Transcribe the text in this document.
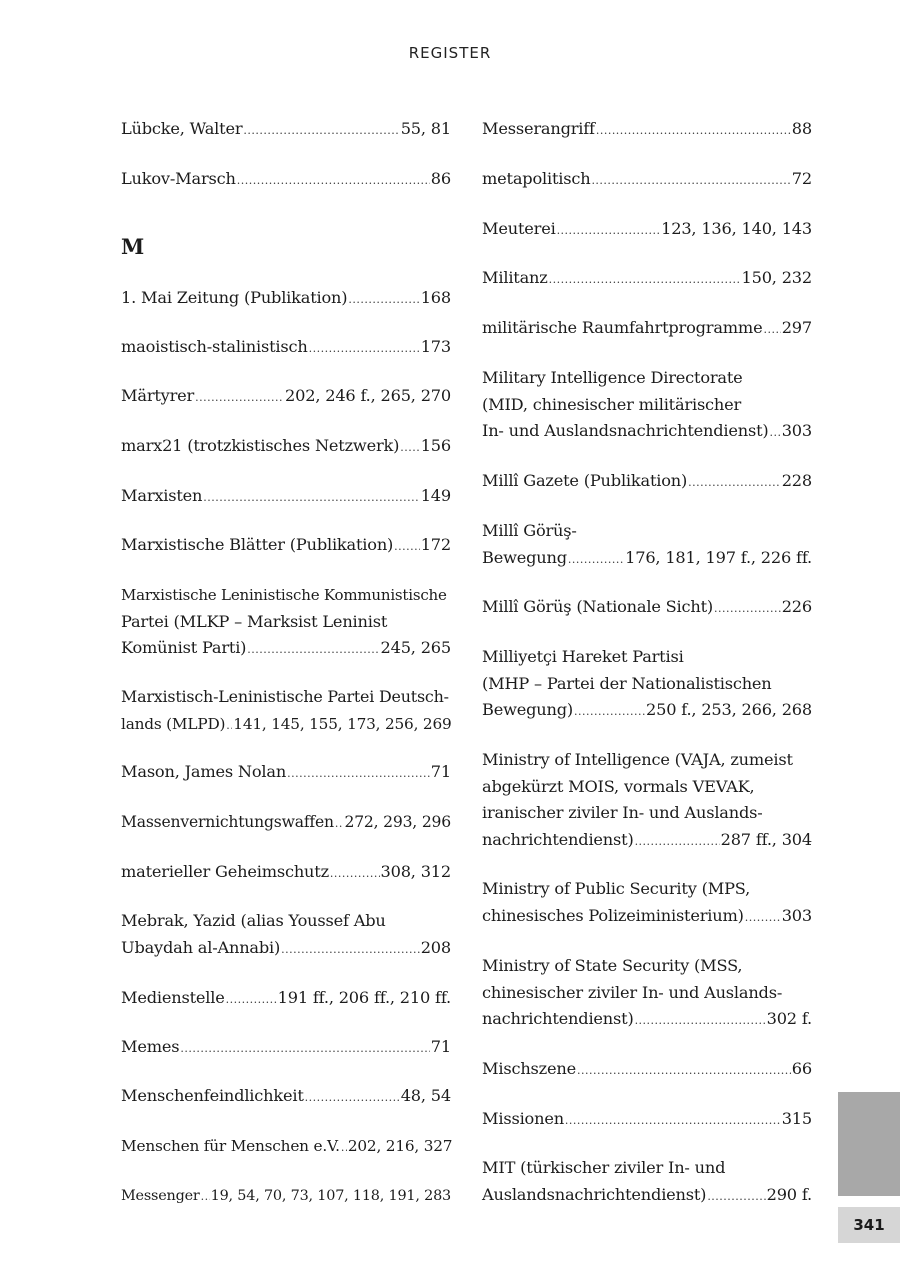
REGISTER
Lübcke, Walter .....	55, 81
Lukov-Marsch .....	86
M
1. Mai Zeitung (Publikation) .....	168
maoistisch-stalinistisch .....	173
Märtyrer .....	202, 246 f., 265, 270
marx21 (trotzkistisches Netzwerk) ..... 156
Marxisten .....	149
Marxistische Blätter (Publikation) ..... 172
Marxistische Leninistische Kommunistische
Partei (MLKP – Marksist Leninist
Komünist Parti) .....	245, 265
Marxistisch-Leninistische Partei Deutsch-
lands (MLPD) ..... 141, 145, 155, 173, 256, 269
Mason, James Nolan .....	71
Massenvernichtungswaffen ..... 272, 293, 296
materieller Geheimschutz .....	308, 312
Mebrak, Yazid (alias Youssef Abu
Ubaydah al-Annabi) .....	208
Medienstelle .....	191 ff., 206 ff., 210 ff.
Memes .....	71
Menschenfeindlichkeit .....	48, 54
Menschen für Menschen e.V. ..... 202, 216, 327
Messenger ..... 19, 54, 70, 73, 107, 118, 191, 283
Messerangriff .....	88
metapolitisch .....	72
Meuterei .....	123, 136, 140, 143
Militanz .....	150, 232
militärische Raumfahrtprogramme ..... 297
Military Intelligence Directorate
(MID, chinesischer militärischer
In- und Auslandsnachrichtendienst) ..... 303
Millî Gazete (Publikation) .....	228
Millî Görüş-
Bewegung .....	176, 181, 197 f., 226 ff.
Millî Görüş (Nationale Sicht) .....	226
Milliyetçi Hareket Partisi
(MHP – Partei der Nationalistischen
Bewegung) .....	250 f., 253, 266, 268
Ministry of Intelligence (VAJA, zumeist
abgekürzt MOIS, vormals VEVAK,
iranischer ziviler In- und Auslands-
nachrichtendienst) .....	287 ff., 304
Ministry of Public Security (MPS,
chinesisches Polizeiministerium) ..... 303
Ministry of State Security (MSS,
chinesischer ziviler In- und Auslands-
nachrichtendienst) .....	302 f.
Mischszene .....	66
Missionen .....	315
MIT (türkischer ziviler In- und
Auslandsnachrichtendienst) .....	290 f.
341
